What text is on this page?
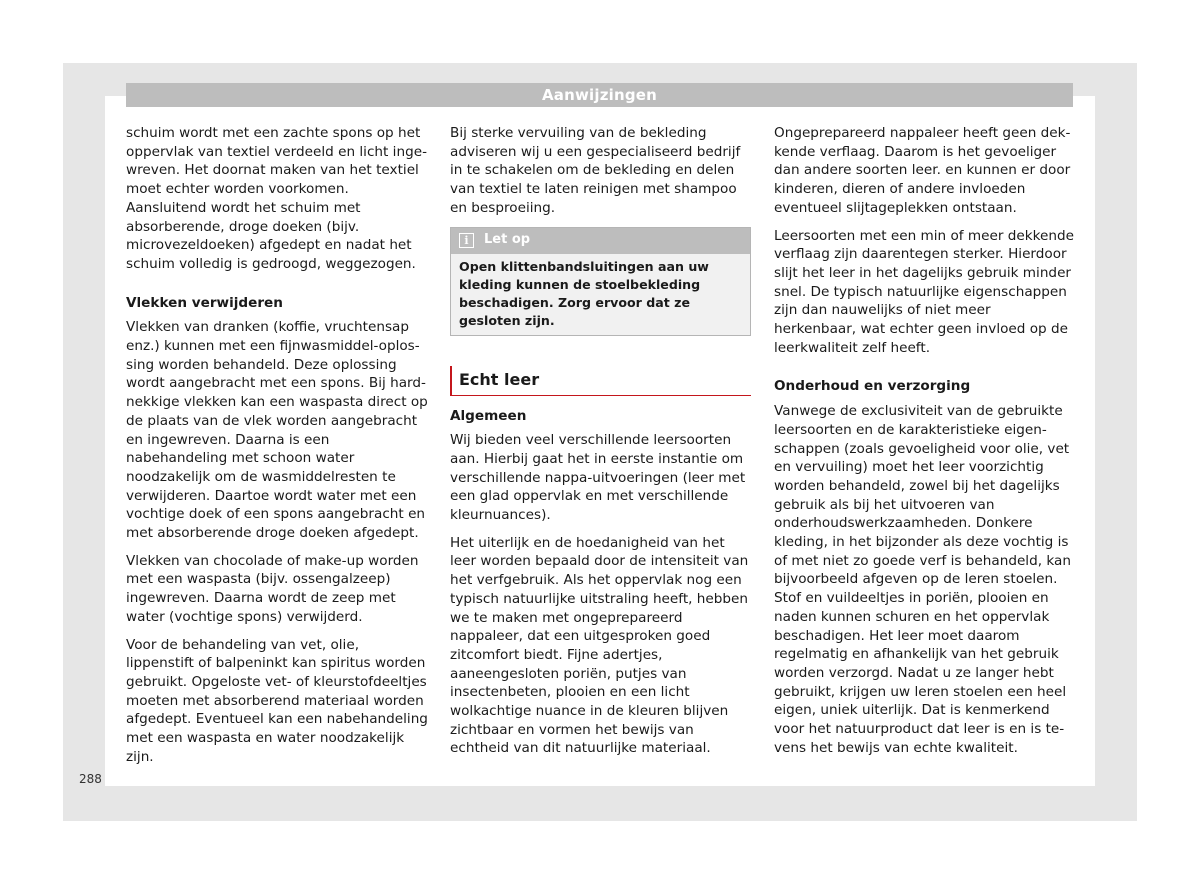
Aanwijzingen

schuim wordt met een zachte spons op het oppervlak van textiel verdeeld en licht ingewreven. Het doornat maken van het textiel moet echter worden voorkomen. Aansluitend wordt het schuim met absorberende, droge doeken (bijv. microvezeldoeken) afgedept en nadat het schuim volledig is gedroogd, weggezogen.

Vlekken verwijderen

Vlekken van dranken (koffie, vruchtensap enz.) kunnen met een fijnwasmiddel-oplossing worden behandeld. Deze oplossing wordt aangebracht met een spons. Bij hardnekkige vlekken kan een waspasta direct op de plaats van de vlek worden aangebracht en ingewreven. Daarna is een nabehandeling met schoon water noodzakelijk om de wasmiddelresten te verwijderen. Daartoe wordt water met een vochtige doek of een spons aangebracht en met absorberende droge doeken afgedept.

Vlekken van chocolade of make-up worden met een waspasta (bijv. ossengalzeep) ingewreven. Daarna wordt de zeep met water (vochtige spons) verwijderd.

Voor de behandeling van vet, olie, lippenstift of balpeninkt kan spiritus worden gebruikt. Opgeloste vet- of kleurstofdeeltjes moeten met absorberend materiaal worden afgedept. Eventueel kan een nabehandeling met een waspasta en water noodzakelijk zijn.

Bij sterke vervuiling van de bekleding adviseren wij u een gespecialiseerd bedrijf in te schakelen om de bekleding en delen van textiel te laten reinigen met shampoo en besproeiing.

i	Let op
Open klittenbandsluitingen aan uw kleding kunnen de stoelbekleding beschadigen. Zorg ervoor dat ze gesloten zijn.
Echt leer
Algemeen

Wij bieden veel verschillende leersoorten aan. Hierbij gaat het in eerste instantie om verschillende nappa-uitvoeringen (leer met een glad oppervlak en met verschillende kleurnuances).

Het uiterlijk en de hoedanigheid van het leer worden bepaald door de intensiteit van het verfgebruik. Als het oppervlak nog een typisch natuurlijke uitstraling heeft, hebben we te maken met ongeprepareerd nappaleer, dat een uitgesproken goed zitcomfort biedt. Fijne adertjes, aaneengesloten poriën, putjes van insectenbeten, plooien en een licht wolkachtige nuance in de kleuren blijven zichtbaar en vormen het bewijs van echtheid van dit natuurlijke materiaal.

Ongeprepareerd nappaleer heeft geen dekkende verflaag. Daarom is het gevoeliger dan andere soorten leer. en kunnen er door kinderen, dieren of andere invloeden eventueel slijtageplekken ontstaan.

Leersoorten met een min of meer dekkende verflaag zijn daarentegen sterker. Hierdoor slijt het leer in het dagelijks gebruik minder snel. De typisch natuurlijke eigenschappen zijn dan nauwelijks of niet meer herkenbaar, wat echter geen invloed op de leerkwaliteit zelf heeft.

Onderhoud en verzorging

Vanwege de exclusiviteit van de gebruikte leersoorten en de karakteristieke eigenschappen (zoals gevoeligheid voor olie, vet en vervuiling) moet het leer voorzichtig worden behandeld, zowel bij het dagelijks gebruik als bij het uitvoeren van onderhoudswerkzaamheden. Donkere kleding, in het bijzonder als deze vochtig is of met niet zo goede verf is behandeld, kan bijvoorbeeld afgeven op de leren stoelen. Stof en vuildeeltjes in poriën, plooien en naden kunnen schuren en het oppervlak beschadigen. Het leer moet daarom regelmatig en afhankelijk van het gebruik worden verzorgd. Nadat u ze langer hebt gebruikt, krijgen uw leren stoelen een heel eigen, uniek uiterlijk. Dat is kenmerkend voor het natuurproduct dat leer is en is tevens het bewijs van echte kwaliteit.

288
